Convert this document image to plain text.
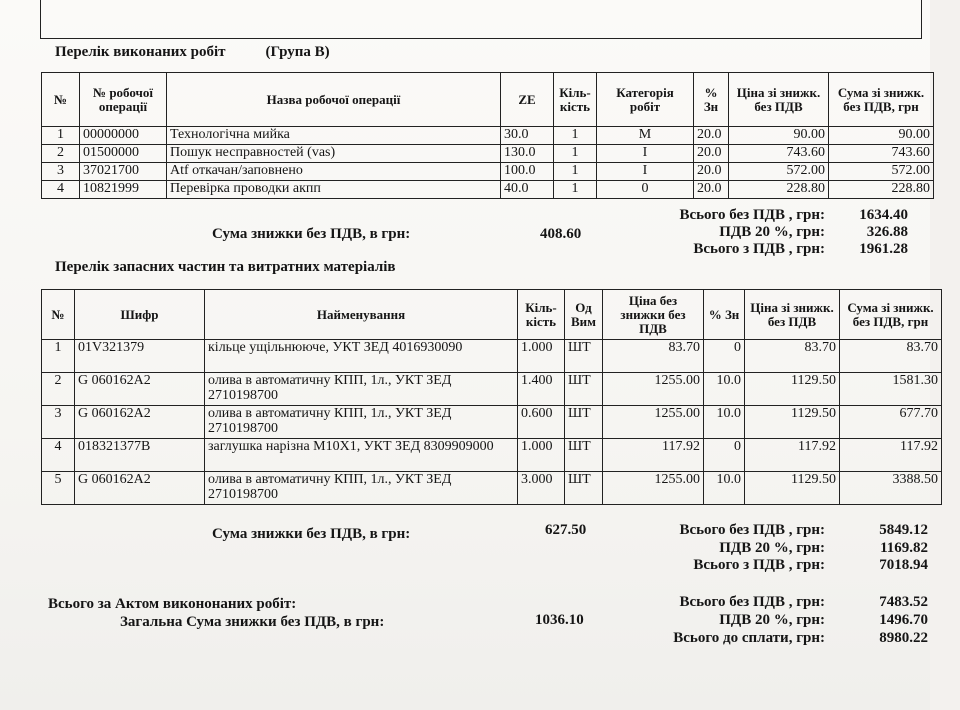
Перелік виконаних робіт	(Група В)
№	№ робочої операції	Назва робочої операції	ZE	Кіль-кість	Категорія робіт	% Зн	Ціна зі знижк. без ПДВ	Сума зі знижк. без ПДВ, грн
1	00000000	Технологічна мийка	30.0	1	M	20.0	90.00	90.00
2	01500000	Пошук несправностей (vas)	130.0	1	I	20.0	743.60	743.60
3	37021700	Atf откачан/заповнено	100.0	1	I	20.0	572.00	572.00
4	10821999	Перевірка проводки акпп	40.0	1	0	20.0	228.80	228.80
Всього без ПДВ , грн: 1634.40
Сума знижки без ПДВ, в грн:	408.60	ПДВ 20 %, грн:	326.88
Всього з ПДВ , грн: 1961.28
Перелік запасних частин та витратних матеріалів
№	Шифр	Найменування	Кіль-кість	Од Вим	Ціна без знижки без ПДВ	% Зн	Ціна зі знижк. без ПДВ	Сума зі знижк. без ПДВ, грн
1	01V321379	кільце ущільнююче, УКТ ЗЕД 4016930090	1.000	ШТ	83.70	0	83.70	83.70
2	G 060162A2	олива в автоматичну КПП, 1л., УКТ ЗЕД 2710198700	1.400	ШТ	1255.00	10.0	1129.50	1581.30
3	G 060162A2	олива в автоматичну КПП, 1л., УКТ ЗЕД 2710198700	0.600	ШТ	1255.00	10.0	1129.50	677.70
4	018321377B	заглушка нарізна M10X1, УКТ ЗЕД 8309909000	1.000	ШТ	117.92	0	117.92	117.92
5	G 060162A2	олива в автоматичну КПП, 1л., УКТ ЗЕД 2710198700	3.000	ШТ	1255.00	10.0	1129.50	3388.50
Сума знижки без ПДВ, в грн:	627.50	Всього без ПДВ , грн:	5849.12
ПДВ 20 %, грн:	1169.82
Всього з ПДВ , грн:	7018.94
Всього за Актом викононаних робіт:
Загальна Сума знижки без ПДВ, в грн:	1036.10
Всього без ПДВ , грн:	7483.52
ПДВ 20 %, грн:	1496.70
Всього до сплати, грн:	8980.22
